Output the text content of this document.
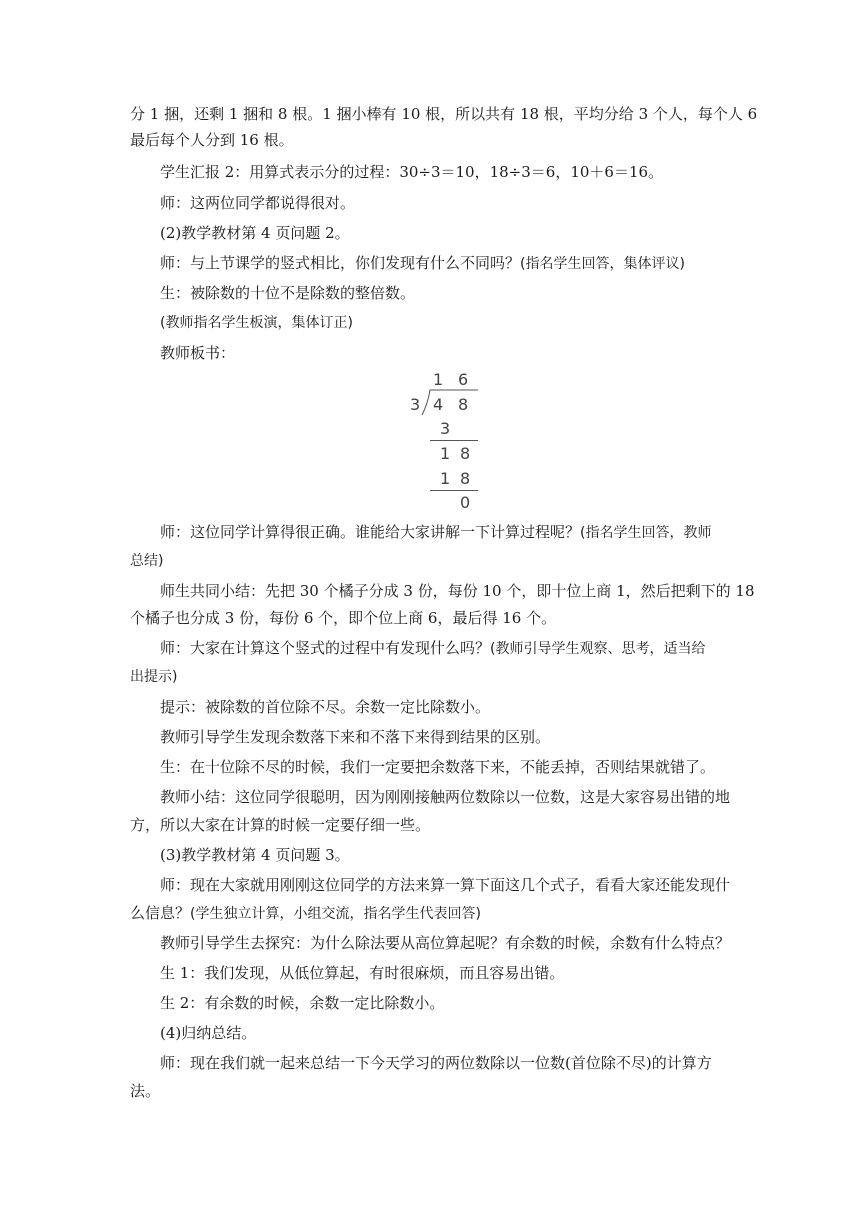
分 1 捆，还剩 1 捆和 8 根。1 捆小棒有 10 根，所以共有 18 根，平均分给 3 个人，每个人 6
最后每个人分到 16 根。
学生汇报 2：用算式表示分的过程：30÷3＝10，18÷3＝6，10＋6＝16。
师：这两位同学都说得很对。
(2)教学教材第 4 页问题 2。
师：与上节课学的竖式相比，你们发现有什么不同吗？(指名学生回答，集体评议)
生：被除数的十位不是除数的整倍数。
(教师指名学生板演，集体订正)
教师板书：
1 6
3 4 8
3
1 8
1 8
0
师：这位同学计算得很正确。谁能给大家讲解一下计算过程呢？(指名学生回答，教师
总结)
师生共同小结：先把 30 个橘子分成 3 份，每份 10 个，即十位上商 1，然后把剩下的 18
个橘子也分成 3 份，每份 6 个，即个位上商 6，最后得 16 个。
师：大家在计算这个竖式的过程中有发现什么吗？(教师引导学生观察、思考，适当给
出提示)
提示：被除数的首位除不尽。余数一定比除数小。
教师引导学生发现余数落下来和不落下来得到结果的区别。
生：在十位除不尽的时候，我们一定要把余数落下来，不能丢掉，否则结果就错了。
教师小结：这位同学很聪明，因为刚刚接触两位数除以一位数，这是大家容易出错的地
方，所以大家在计算的时候一定要仔细一些。
(3)教学教材第 4 页问题 3。
师：现在大家就用刚刚这位同学的方法来算一算下面这几个式子，看看大家还能发现什
么信息？(学生独立计算，小组交流，指名学生代表回答)
教师引导学生去探究：为什么除法要从高位算起呢？有余数的时候，余数有什么特点？
生 1：我们发现，从低位算起，有时很麻烦，而且容易出错。
生 2：有余数的时候，余数一定比除数小。
(4)归纳总结。
师：现在我们就一起来总结一下今天学习的两位数除以一位数(首位除不尽)的计算方
法。
